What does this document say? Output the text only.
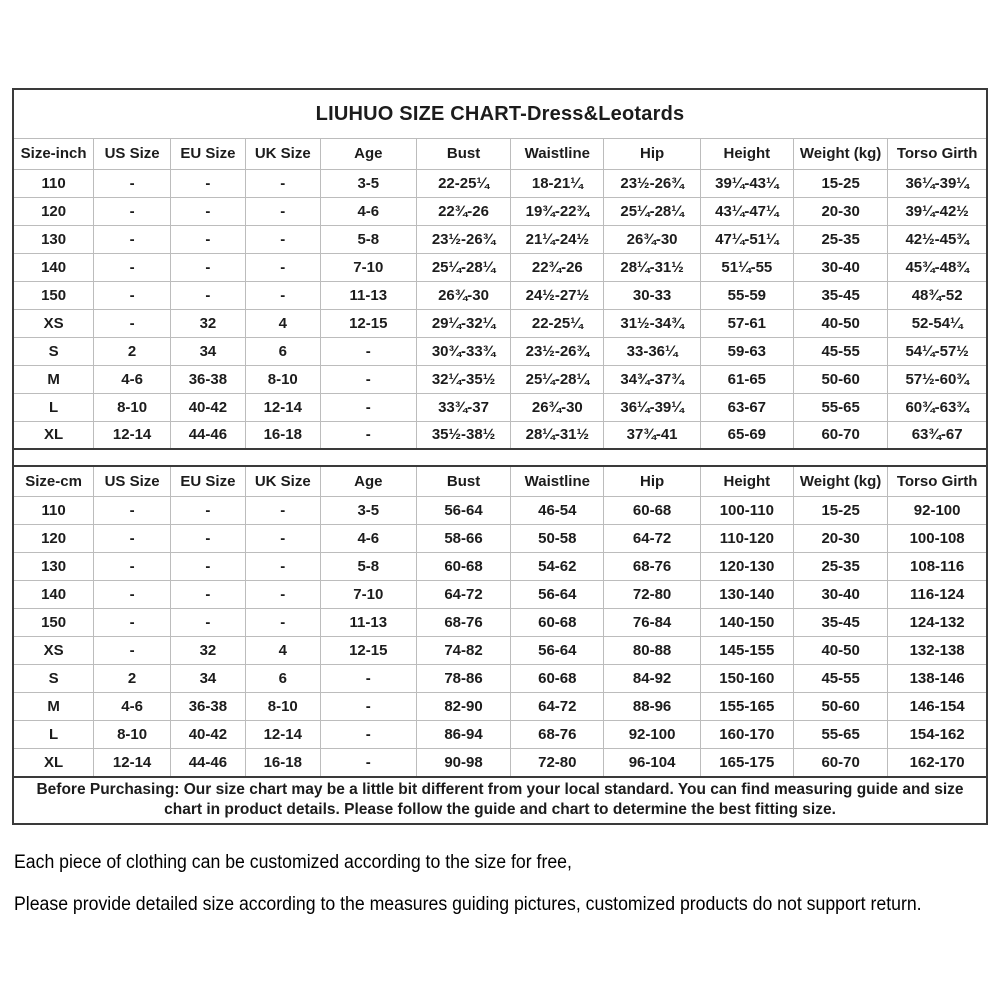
LIUHUO SIZE CHART-Dress&Leotards
Size-inch	US Size	EU Size	UK Size	Age	Bust	Waistline	Hip	Height	Weight (kg)	Torso Girth
110	-	-	-	3-5	22-25¼	18-21¼	23½-26¾	39¼-43¼	15-25	36¼-39¼
120	-	-	-	4-6	22¾-26	19¾-22¾	25¼-28¼	43¼-47¼	20-30	39¼-42½
130	-	-	-	5-8	23½-26¾	21¼-24½	26¾-30	47¼-51¼	25-35	42½-45¾
140	-	-	-	7-10	25¼-28¼	22¾-26	28¼-31½	51¼-55	30-40	45¾-48¾
150	-	-	-	11-13	26¾-30	24½-27½	30-33	55-59	35-45	48¾-52
XS	-	32	4	12-15	29¼-32¼	22-25¼	31½-34¾	57-61	40-50	52-54¼
S	2	34	6	-	30¾-33¾	23½-26¾	33-36¼	59-63	45-55	54¼-57½
M	4-6	36-38	8-10	-	32¼-35½	25¼-28¼	34¾-37¾	61-65	50-60	57½-60¾
L	8-10	40-42	12-14	-	33¾-37	26¾-30	36¼-39¼	63-67	55-65	60¾-63¾
XL	12-14	44-46	16-18	-	35½-38½	28¼-31½	37¾-41	65-69	60-70	63¾-67
Size-cm	US Size	EU Size	UK Size	Age	Bust	Waistline	Hip	Height	Weight (kg)	Torso Girth
110	-	-	-	3-5	56-64	46-54	60-68	100-110	15-25	92-100
120	-	-	-	4-6	58-66	50-58	64-72	110-120	20-30	100-108
130	-	-	-	5-8	60-68	54-62	68-76	120-130	25-35	108-116
140	-	-	-	7-10	64-72	56-64	72-80	130-140	30-40	116-124
150	-	-	-	11-13	68-76	60-68	76-84	140-150	35-45	124-132
XS	-	32	4	12-15	74-82	56-64	80-88	145-155	40-50	132-138
S	2	34	6	-	78-86	60-68	84-92	150-160	45-55	138-146
M	4-6	36-38	8-10	-	82-90	64-72	88-96	155-165	50-60	146-154
L	8-10	40-42	12-14	-	86-94	68-76	92-100	160-170	55-65	154-162
XL	12-14	44-46	16-18	-	90-98	72-80	96-104	165-175	60-70	162-170
Before Purchasing: Our size chart may be a little bit different from your local standard. You can find measuring guide and size chart in product details. Please follow the guide and chart to determine the best fitting size.
Each piece of clothing can be customized according to the size for free,
Please provide detailed size according to the measures guiding pictures, customized products do not support return.
